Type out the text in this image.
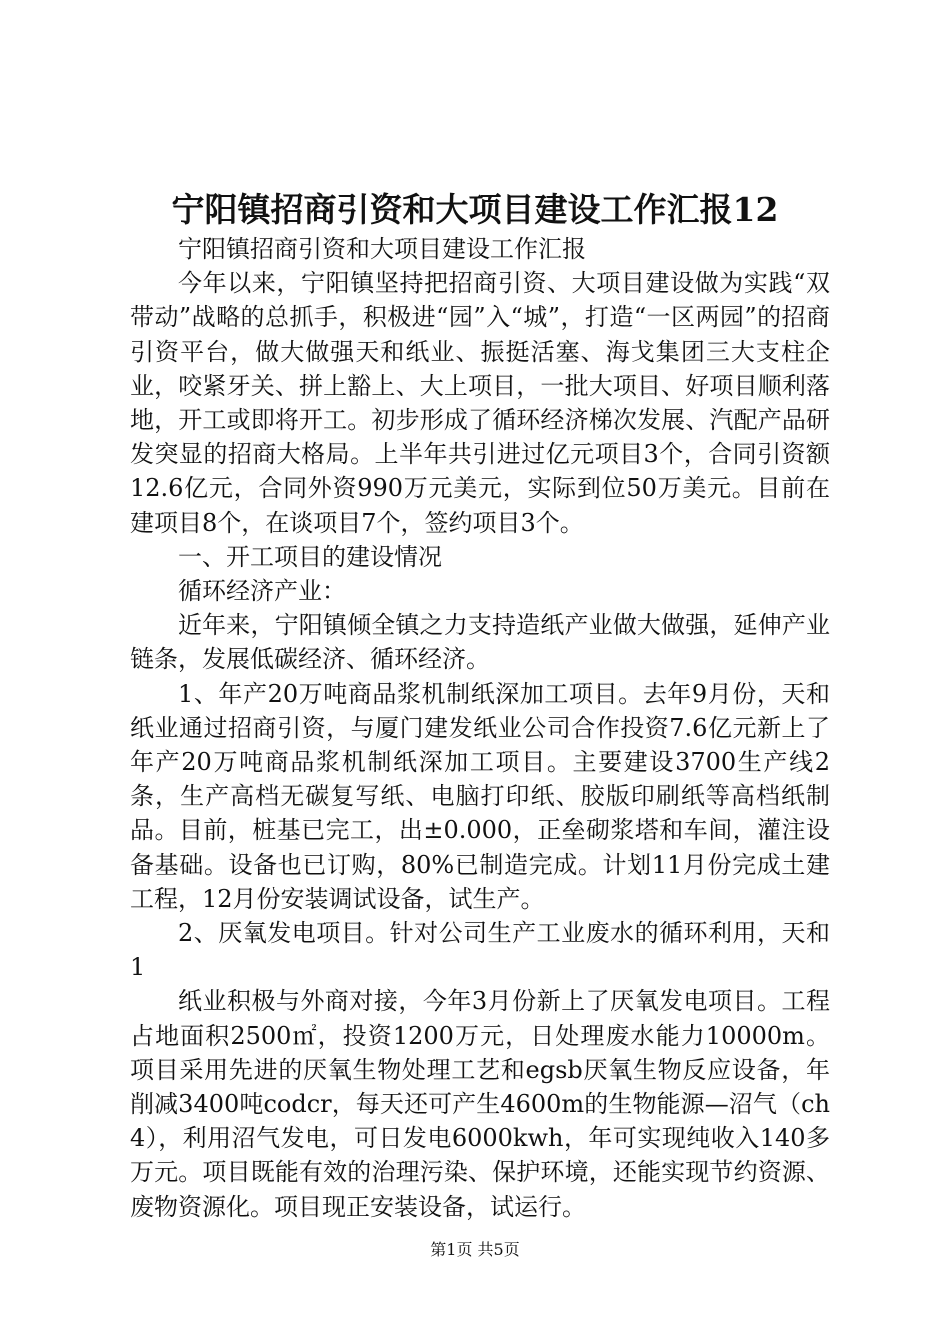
宁阳镇招商引资和大项目建设工作汇报12

宁阳镇招商引资和大项目建设工作汇报

今年以来，宁阳镇坚持把招商引资、大项目建设做为实践“双带动”战略的总抓手，积极进“园”入“城”，打造“一区两园”的招商引资平台，做大做强天和纸业、振挺活塞、海戈集团三大支柱企业，咬紧牙关、拼上豁上、大上项目，一批大项目、好项目顺利落地，开工或即将开工。初步形成了循环经济梯次发展、汽配产品研发突显的招商大格局。上半年共引进过亿元项目3个，合同引资额12.6亿元，合同外资990万元美元，实际到位50万美元。目前在建项目8个，在谈项目7个，签约项目3个。

一、开工项目的建设情况

循环经济产业：

近年来，宁阳镇倾全镇之力支持造纸产业做大做强，延伸产业链条，发展低碳经济、循环经济。

1、年产20万吨商品浆机制纸深加工项目。去年9月份，天和纸业通过招商引资，与厦门建发纸业公司合作投资7.6亿元新上了年产20万吨商品浆机制纸深加工项目。主要建设3700生产线2条，生产高档无碳复写纸、电脑打印纸、胶版印刷纸等高档纸制品。目前，桩基已完工，出±0.000，正垒砌浆塔和车间，灌注设备基础。设备也已订购，80%已制造完成。计划11月份完成土建工程，12月份安装调试设备，试生产。

2、厌氧发电项目。针对公司生产工业废水的循环利用，天和1

纸业积极与外商对接，今年3月份新上了厌氧发电项目。工程占地面积2500㎡，投资1200万元，日处理废水能力10000m。项目采用先进的厌氧生物处理工艺和egsb厌氧生物反应设备，年削减3400吨codcr，每天还可产生4600m的生物能源—沼气（ch4），利用沼气发电，可日发电6000kwh，年可实现纯收入140多万元。项目既能有效的治理污染、保护环境，还能实现节约资源、废物资源化。项目现正安装设备，试运行。

第1页 共5页
